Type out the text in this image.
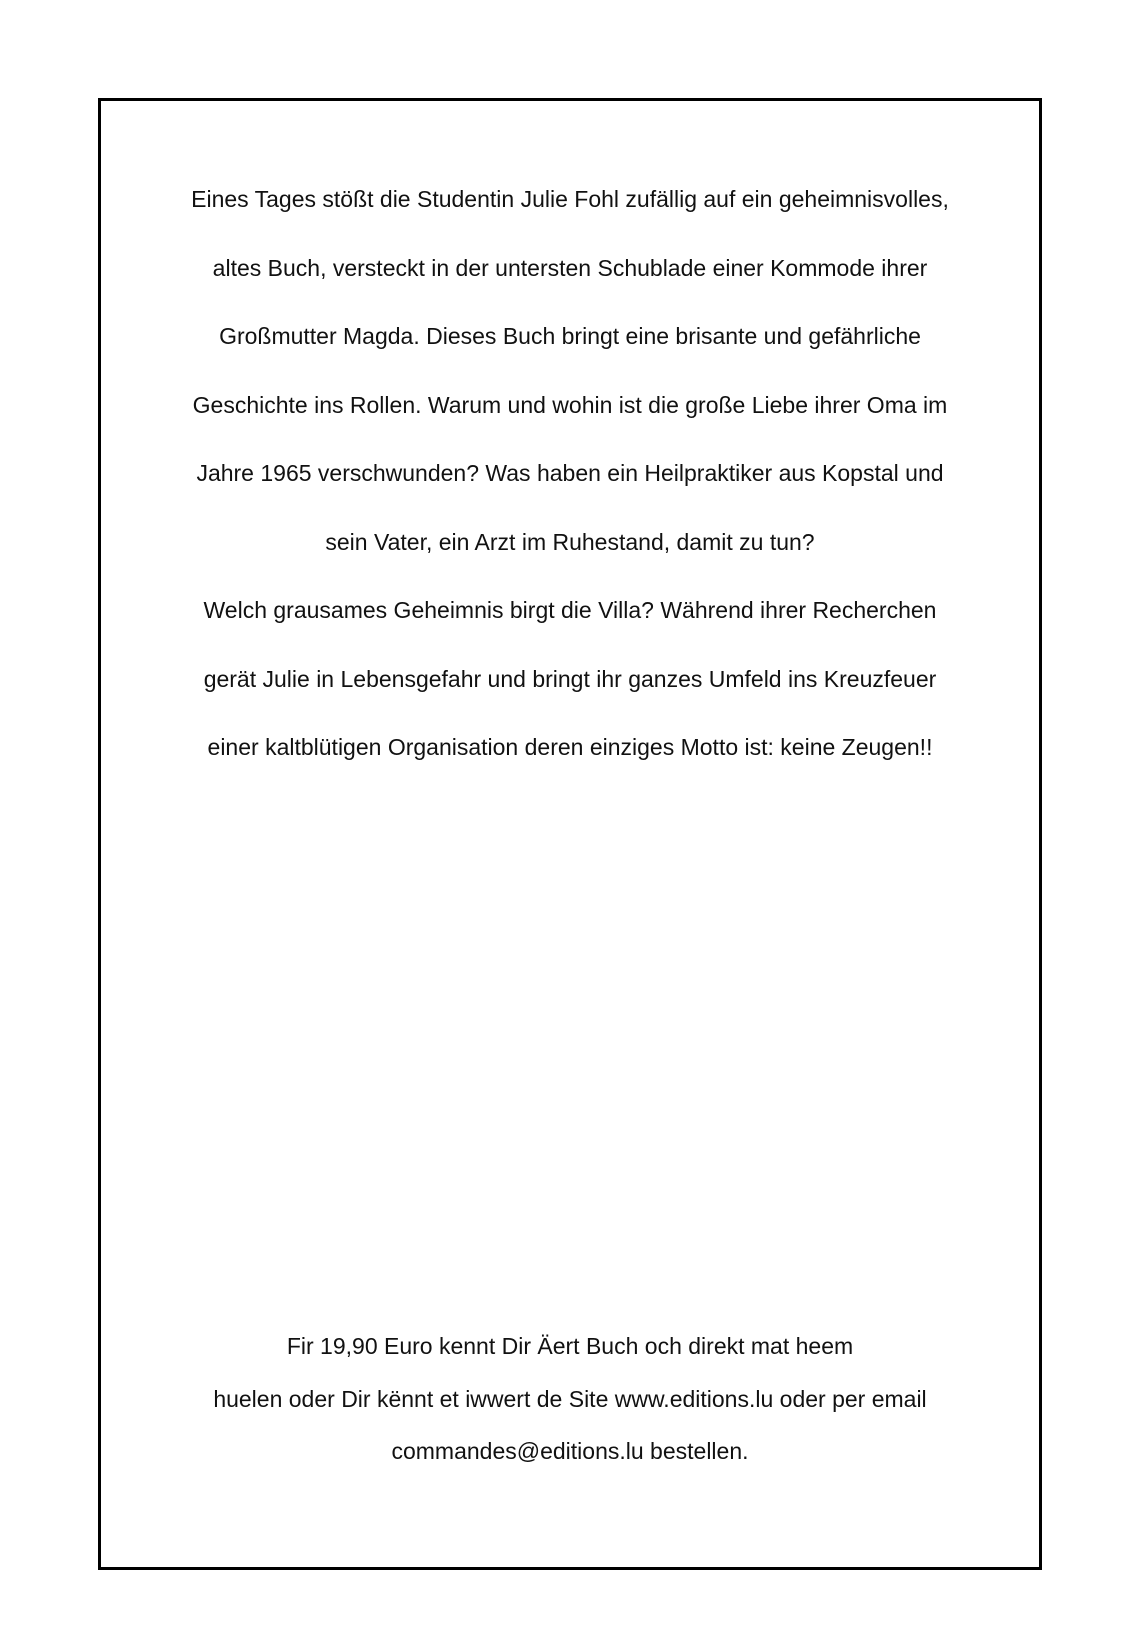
Eines Tages stößt die Studentin Julie Fohl zufällig auf ein geheimnisvolles,
altes Buch, versteckt in der untersten Schublade einer Kommode ihrer
Großmutter Magda. Dieses Buch bringt eine brisante und gefährliche
Geschichte ins Rollen. Warum und wohin ist die große Liebe ihrer Oma im
Jahre 1965 verschwunden? Was haben ein Heilpraktiker aus Kopstal und
sein Vater, ein Arzt im Ruhestand, damit zu tun?
Welch grausames Geheimnis birgt die Villa? Während ihrer Recherchen
gerät Julie in Lebensgefahr und bringt ihr ganzes Umfeld ins Kreuzfeuer
einer kaltblütigen Organisation deren einziges Motto ist: keine Zeugen!!
Fir 19,90 Euro kennt Dir Äert Buch och direkt mat heem
huelen oder Dir kënnt et iwwert de Site www.editions.lu oder per email
commandes@editions.lu bestellen.
